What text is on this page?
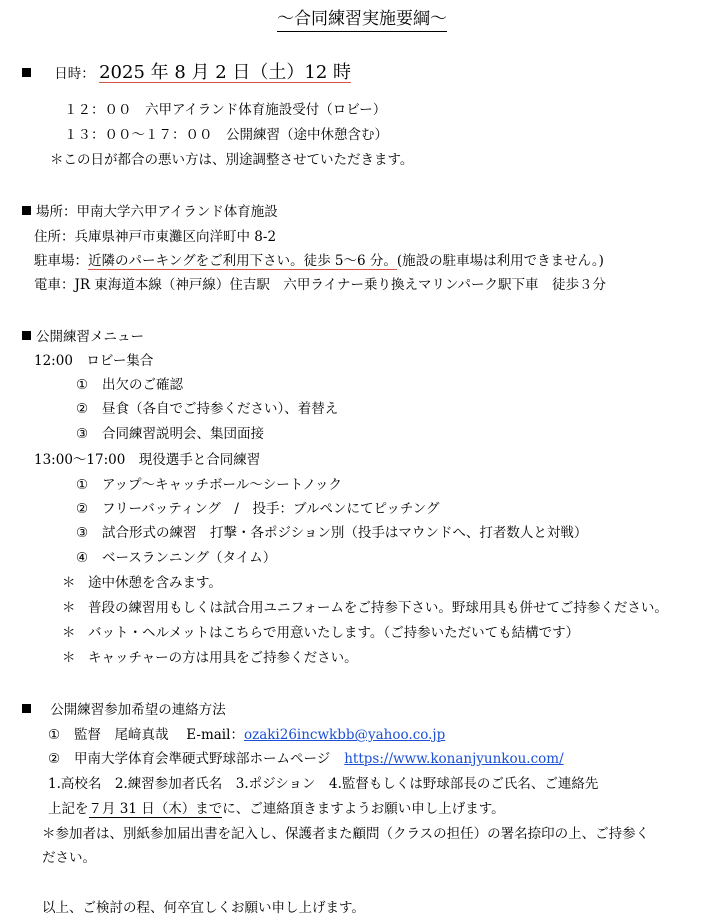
〜合同練習実施要綱〜
日時： 2025 年 8 月 2 日（土）12 時
１２：００　六甲アイランド体育施設受付（ロビー）
１３：００〜１７：００　公開練習（途中休憩含む）
＊この日が都合の悪い方は、別途調整させていただきます。
場所：甲南大学六甲アイランド体育施設
住所：兵庫県神戸市東灘区向洋町中 8-2
駐車場：近隣のパーキングをご利用下さい。徒歩 5〜6 分。(施設の駐車場は利用できません。)
電車：JR 東海道本線（神戸線）住吉駅　六甲ライナー乗り換えマリンパーク駅下車　徒歩３分
公開練習メニュー
12:00　ロビー集合
① 出欠のご確認
② 昼食（各自でご持参ください）、着替え
③ 合同練習説明会、集団面接
13:00〜17:00　現役選手と合同練習
① アップ〜キャッチボール〜シートノック
② フリーバッティング　/　投手：ブルペンにてピッチング
③ 試合形式の練習　打撃・各ポジション別（投手はマウンドへ、打者数人と対戦）
④ ベースランニング（タイム）
＊ 途中休憩を含みます。
＊ 普段の練習用もしくは試合用ユニフォームをご持参下さい。野球用具も併せてご持参ください。
＊ バット・ヘルメットはこちらで用意いたします。（ご持参いただいても結構です）
＊ キャッチャーの方は用具をご持参ください。
公開練習参加希望の連絡方法
① 監督　尾﨑真哉　 E-mail：ozaki26incwkbb@yahoo.co.jp
② 甲南大学体育会準硬式野球部ホームページ https://www.konanjyunkou.com/
1.高校名　2.練習参加者氏名　3.ポジション　4.監督もしくは野球部長のご氏名、ご連絡先
上記を７月 31 日（木）までに、ご連絡頂きますようお願い申し上げます。
＊参加者は、別紙参加届出書を記入し、保護者また顧問（クラスの担任）の署名捺印の上、ご持参く
ださい。
以上、ご検討の程、何卒宜しくお願い申し上げます。
